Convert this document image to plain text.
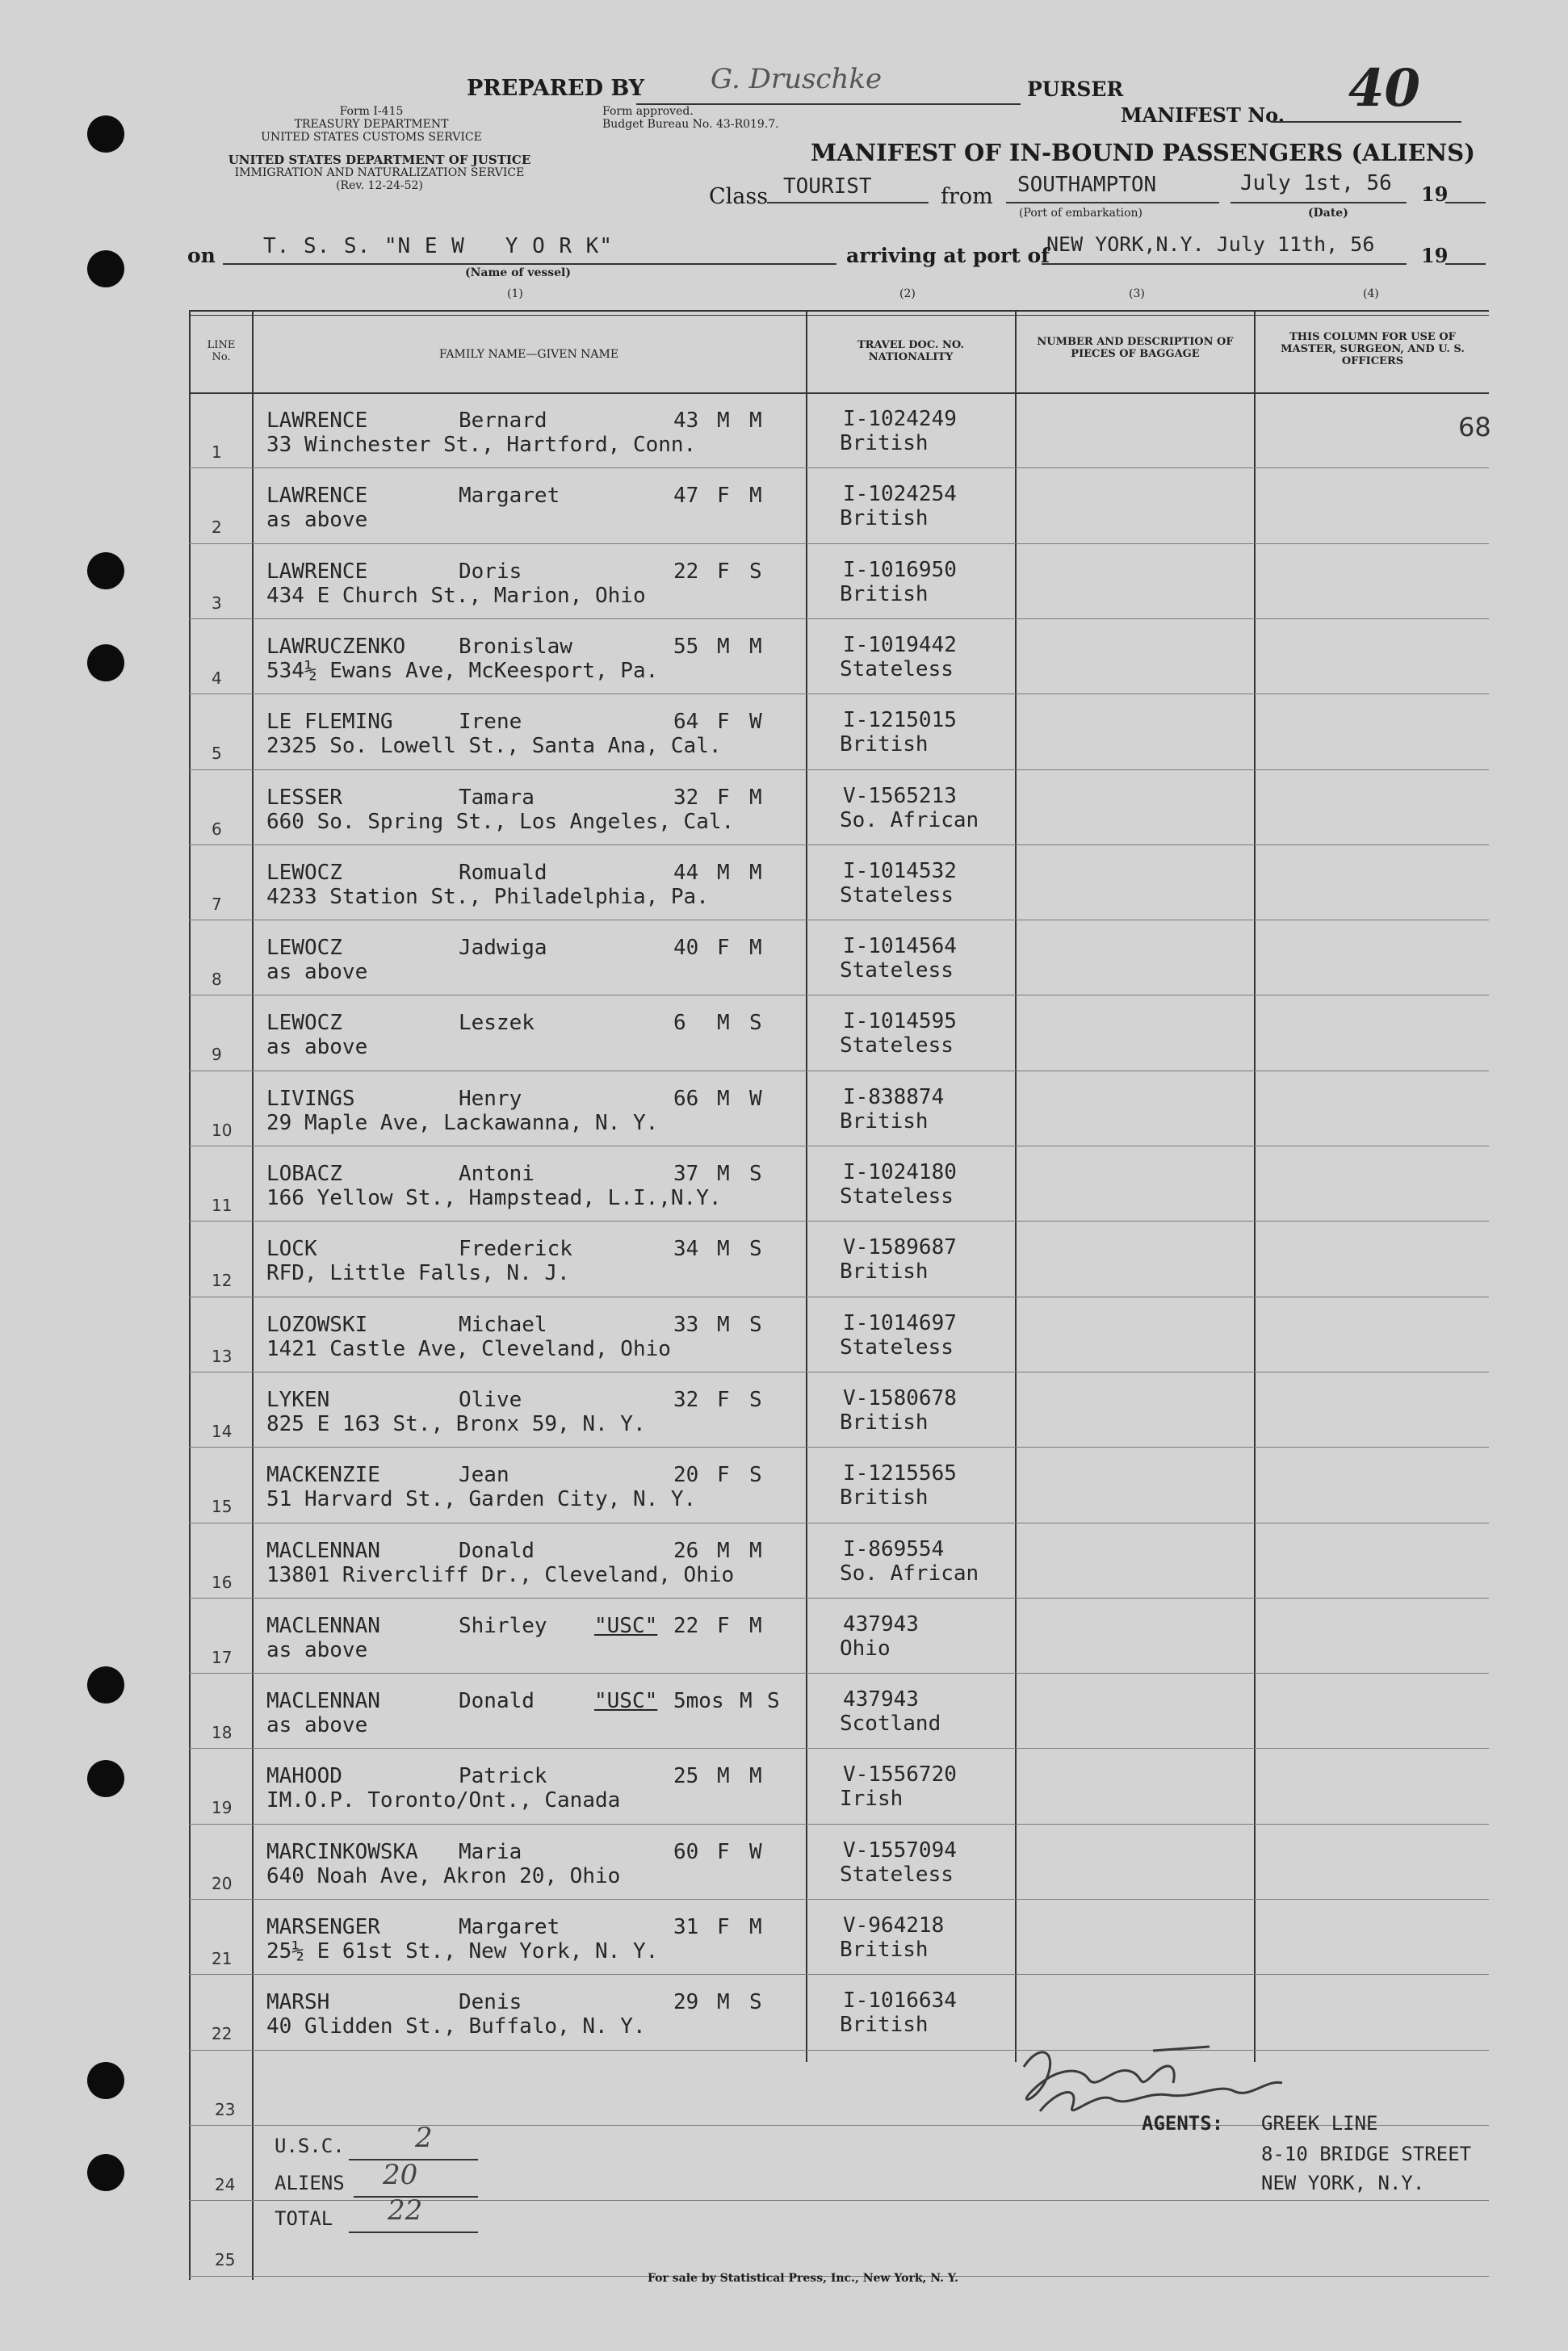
PREPARED BY G. Druschke	PURSER
MANIFEST No. 40
Form I-415
TREASURY DEPARTMENT
UNITED STATES CUSTOMS SERVICE
UNITED STATES DEPARTMENT OF JUSTICE
IMMIGRATION AND NATURALIZATION SERVICE
(Rev. 12-24-52)
Form approved.
Budget Bureau No. 43-R019.7.
MANIFEST OF IN-BOUND PASSENGERS (ALIENS)
Class TOURIST	from SOUTHAMPTON
(Port of embarkation)
July 1st, 56
(Date)
19
on T. S. S. "N E W   Y O R K"
(Name of vessel)
arriving at port of
NEW YORK,N.Y. July 11th, 56 19
(1)	(2)	(3)	(4)
LINE No.	FAMILY NAME—GIVEN NAME
TRAVEL DOC. NO. NATIONALITY
NUMBER AND DESCRIPTION OF PIECES OF BAGGAGE
THIS COLUMN FOR USE OF MASTER, SURGEON, AND U. S. OFFICERS
1
LAWRENCE	Bernard	43 M M
33 Winchester St., Hartford, Conn.
I-1024249
British
68
2
LAWRENCE	Margaret	47 F M
as above
I-1024254
British
3
LAWRENCE	Doris	22 F S
434 E Church St., Marion, Ohio
I-1016950
British
4
LAWRUCZENKO	Bronislaw	55 M M
534½ Ewans Ave, McKeesport, Pa.
I-1019442
Stateless
5
LE FLEMING	Irene	64 F W
2325 So. Lowell St., Santa Ana, Cal.
I-1215015
British
6
LESSER	Tamara	32 F M
660 So. Spring St., Los Angeles, Cal.
V-1565213
So. African
7
LEWOCZ	Romuald	44 M M
4233 Station St., Philadelphia, Pa.
I-1014532
Stateless
8
LEWOCZ	Jadwiga	40 F M
as above
I-1014564
Stateless
9
LEWOCZ	Leszek	6 M S
as above
I-1014595
Stateless
10
LIVINGS	Henry	66 M W
29 Maple Ave, Lackawanna, N. Y.
I-838874
British
11
LOBACZ	Antoni	37 M S
166 Yellow St., Hampstead, L.I.,N.Y.
I-1024180
Stateless
12
LOCK	Frederick	34 M S
RFD, Little Falls, N. J.
V-1589687
British
13
LOZOWSKI	Michael	33 M S
1421 Castle Ave, Cleveland, Ohio
I-1014697
Stateless
14
LYKEN	Olive	32 F S
825 E 163 St., Bronx 59, N. Y.
V-1580678
British
15
MACKENZIE	Jean	20 F S
51 Harvard St., Garden City, N. Y.
I-1215565
British
16
MACLENNAN	Donald	26 M M
13801 Rivercliff Dr., Cleveland, Ohio
I-869554
So. African
17
MACLENNAN	Shirley "USC" 22 F M
as above
437943
Ohio
18
MACLENNAN	Donald	"USC" 5mos M S
as above
437943
Scotland
19
MAHOOD	Patrick	25 M M
IM.O.P. Toronto/Ont., Canada
V-1556720
Irish
20
MARCINKOWSKA Maria	60 F W
640 Noah Ave, Akron 20, Ohio
V-1557094
Stateless
21
MARSENGER	Margaret	31 F M
25½ E 61st St., New York, N. Y.
V-964218
British
22
MARSH	Denis	29 M S
40 Glidden St., Buffalo, N. Y.
I-1016634
British
23
24
25
U.S.C.	2
ALIENS 20
TOTAL 22
AGENTS: GREEK LINE
8-10 BRIDGE STREET
NEW YORK, N.Y.
For sale by Statistical Press, Inc., New York, N. Y.
